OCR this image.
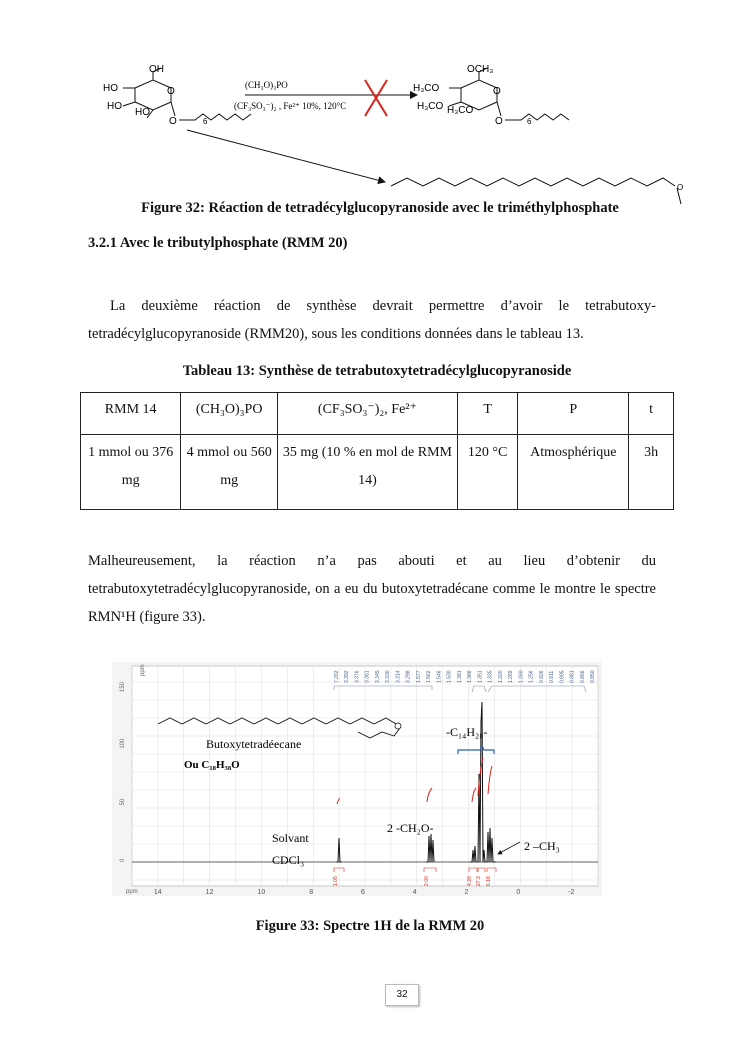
OH
HO
HO
HO
O
O	6
(CH₃O)₃PO
(CF₃SO₃⁻)₂ , Fe²⁺ 10%, 120°C
OCH₃
H₃CO
H₃CO H₃CO
O
O	6
O
Figure 32: Réaction de tetradécylglucopyranoside avec le triméthylphosphate
3.2.1 Avec le tributylphosphate (RMM 20)
La deuxième réaction de synthèse devrait permettre d’avoir le tetrabutoxy-tetradécylglucopyranoside (RMM20), sous les conditions données dans le tableau 13.
Tableau 13: Synthèse de tetrabutoxytetradécylglucopyranoside
RMM 14	(CH₃O)₃PO	(CF₃SO₃⁻)₂, Fe²⁺	T	P	t
1 mmol ou 376 mg	4 mmol ou 560 mg	35 mg (10 % en mol de RMM 14)	120 °C	Atmosphérique	3h
Malheureusement, la réaction n’a pas abouti et au lieu d’obtenir du tetrabutoxytetradécylglucopyranoside, on a eu du butoxytetradécane comme le montre le spectre RMN¹H (figure 33).
7.262 3.392 3.376 3.361 3.345 3.330 3.314 3.298 1.577 1.562 1.546 1.530 1.381 1.366 1.351 1.335 1.320 1.269 1.260 1.256 0.926 0.911 0.895 0.881 0.866 0.850
1.05	2.00	4.20 27.3 6.18
14	12	10	8	6	4	2	0	-2
150
100
50
0
ppm
ppm
Butoxytetradéecane
Ou C₁₈H₃₈O
-C₁₄H₂₈-
2 -CH₂O-
2 –CH₃
Solvant
CDCl₃
Figure 33: Spectre 1H de la RMM 20
32
